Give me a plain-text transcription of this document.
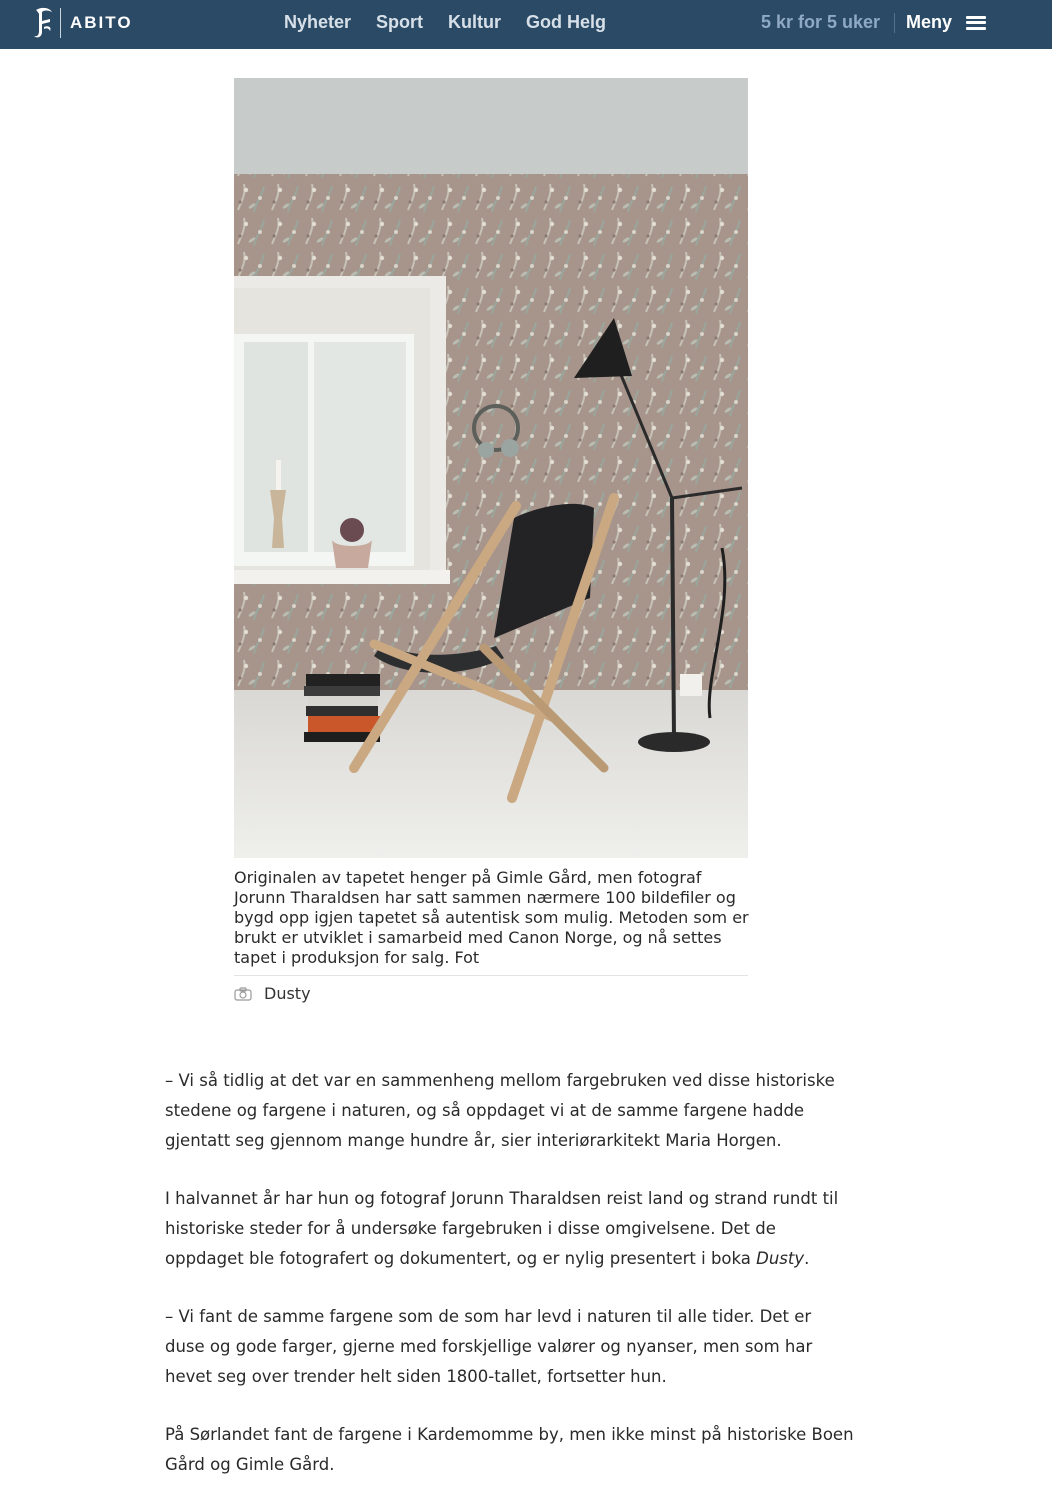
ABITO	Nyheter Sport Kultur God Helg	5 kr for 5 uker Meny
Originalen av tapetet henger på Gimle Gård, men fotograf Jorunn Tharaldsen har satt sammen nærmere 100 bildefiler og bygd opp igjen tapetet så autentisk som mulig. Metoden som er brukt er utviklet i samarbeid med Canon Norge, og nå settes tapet i produksjon for salg. Fot
Dusty

– Vi så tidlig at det var en sammenheng mellom fargebruken ved disse historiske stedene og fargene i naturen, og så oppdaget vi at de samme fargene hadde gjentatt seg gjennom mange hundre år, sier interiørarkitekt Maria Horgen.

I halvannet år har hun og fotograf Jorunn Tharaldsen reist land og strand rundt til historiske steder for å undersøke fargebruken i disse omgivelsene. Det de oppdaget ble fotografert og dokumentert, og er nylig presentert i boka Dusty.

– Vi fant de samme fargene som de som har levd i naturen til alle tider. Det er duse og gode farger, gjerne med forskjellige valører og nyanser, men som har hevet seg over trender helt siden 1800-tallet, fortsetter hun.

På Sørlandet fant de fargene i Kardemomme by, men ikke minst på historiske Boen Gård og Gimle Gård.
